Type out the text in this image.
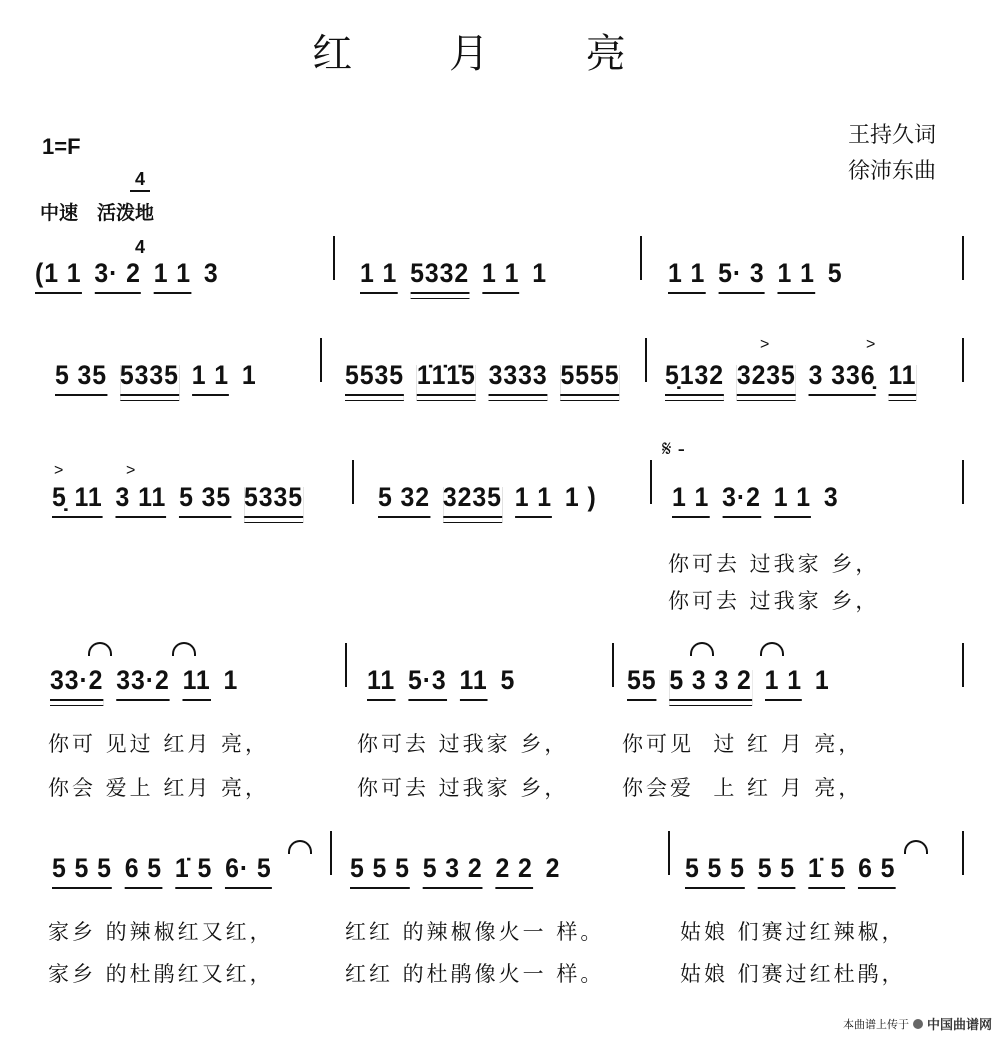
红 月 亮
1=F

4

4

中速　活泼地
王持久词
徐沛东曲
𝄋 -
(1 1 3· 2 1 1 3	1 1 5332 1 1 1	1 1 5· 3 1 1 5
5 35 5335 1 1 1	5535 1̇1̇1̇5 3333 5555 5̣132 3235 3 336̣ 11
5̣ 11 3 11 5 35 5335	5 32 3235 1 1 1 )	1 1 3·2 1 1 3
你可去 过我家 乡，
你可去 过我家 乡，
33·2 33·2 11 1	11 5·3 11 5	55 5 3 3 2 1 1 1
你可 见过 红月 亮，	你可去 过我家 乡，	你可见  过 红 月 亮，
你会 爱上 红月 亮，	你可去 过我家 乡，	你会爱  上 红 月 亮，
5 5 5 6 5 1̇ 5 6· 5	5 5 5 5 3 2 2 2 2	5 5 5 5 5 1̇ 5 6 5
家乡 的辣椒红又红，	红红 的辣椒像火一 样。	姑娘 们赛过红辣椒，
家乡 的杜鹃红又红，	红红 的杜鹃像火一 样。	姑娘 们赛过红杜鹃，
>	>
>	>
本曲谱上传于 中国曲谱网
